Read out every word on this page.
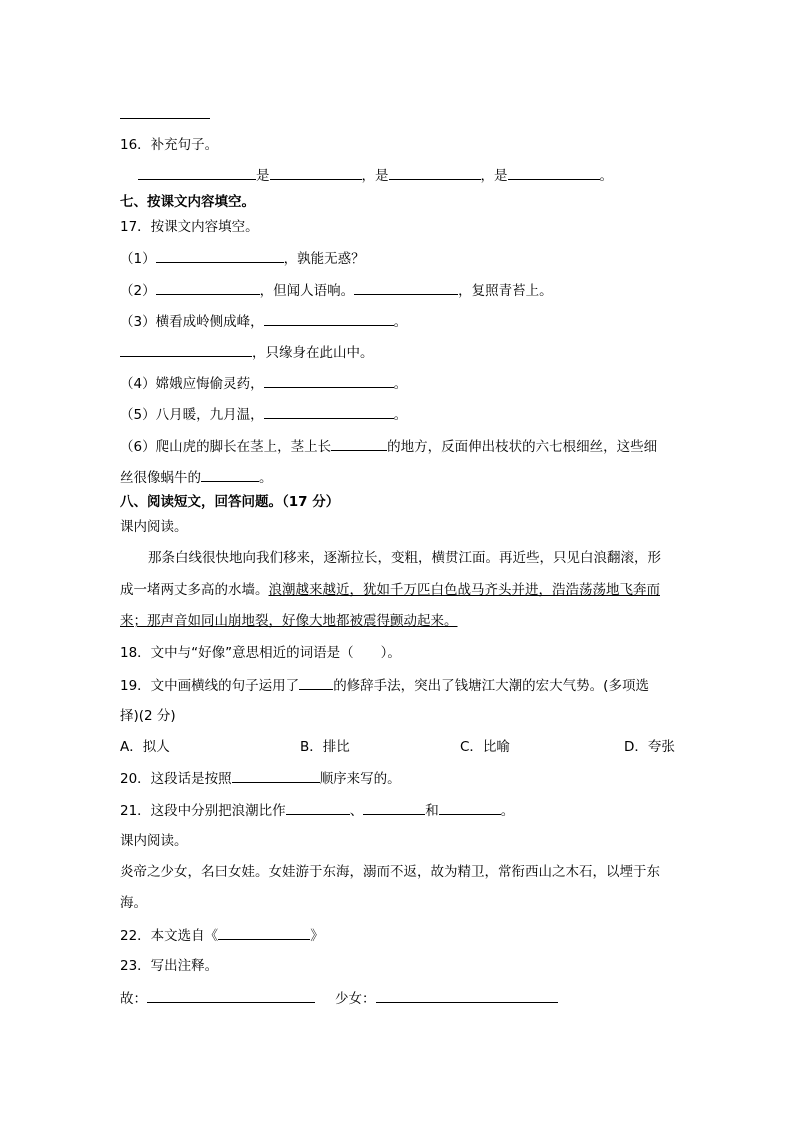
16．补充句子。
是	，是	，是	。
七、按课文内容填空。
17．按课文内容填空。
（1）	，孰能无惑？
（2）	，但闻人语响。	，复照青苔上。
（3）横看成岭侧成峰，	。
，只缘身在此山中。
（4）嫦娥应悔偷灵药，	。
（5）八月暖，九月温，	。
（6）爬山虎的脚长在茎上，茎上长	的地方，反面伸出枝状的六七根细丝，这些细
丝很像蜗牛的	。
八、阅读短文，回答问题。（17 分）
课内阅读。
那条白线很快地向我们移来，逐渐拉长，变粗，横贯江面。再近些，只见白浪翻滚，形
成一堵两丈多高的水墙。浪潮越来越近，犹如千万匹白色战马齐头并进，浩浩荡荡地飞奔而
来；那声音如同山崩地裂，好像大地都被震得颤动起来。
18．文中与“好像”意思相近的词语是（　　）。
19．文中画横线的句子运用了	的修辞手法，突出了钱塘江大潮的宏大气势。(多项选
择)(2 分)
A．拟人	B．排比	C．比喻	D．夸张
20．这段话是按照	顺序来写的。
21．这段中分别把浪潮比作	、	和	。
课内阅读。
炎帝之少女，名曰女娃。女娃游于东海，溺而不返，故为精卫，常衔西山之木石，以堙于东
海。
22．本文选自《	》
23．写出注释。
故：	少女：
